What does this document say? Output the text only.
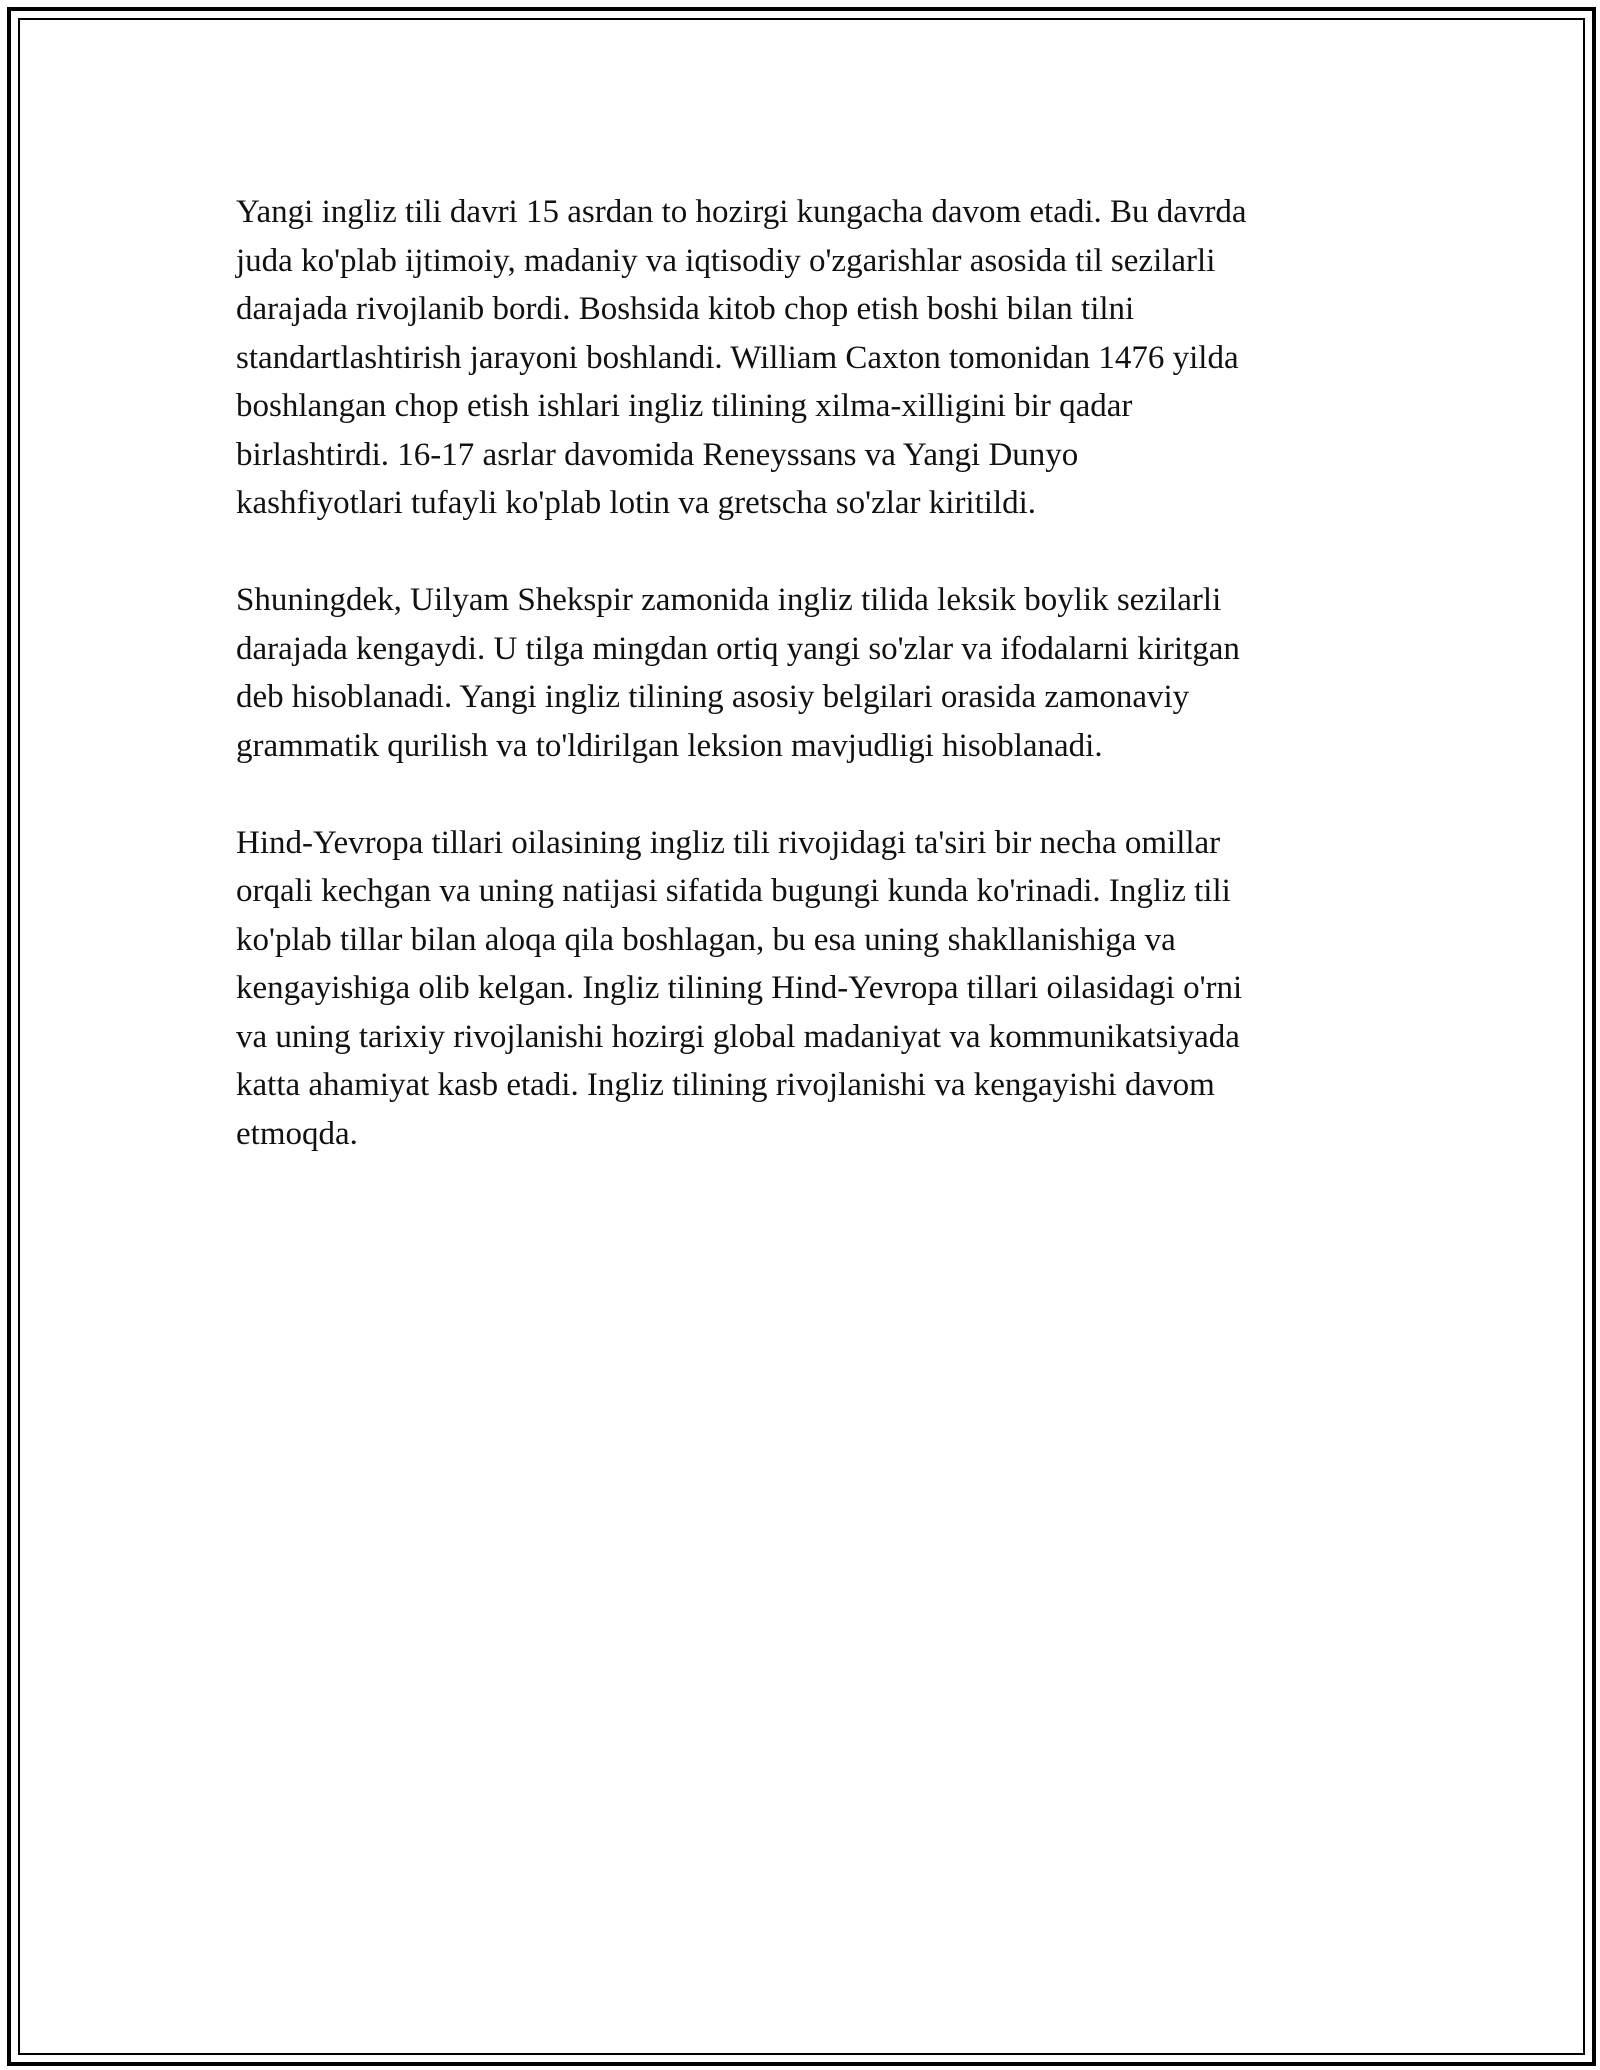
Yangi ingliz tili davri 15 asrdan to hozirgi kungacha davom etadi. Bu davrda
juda ko'plab ijtimoiy, madaniy va iqtisodiy o'zgarishlar asosida til sezilarli
darajada rivojlanib bordi. Boshsida kitob chop etish boshi bilan tilni
standartlashtirish jarayoni boshlandi. William Caxton tomonidan 1476 yilda
boshlangan chop etish ishlari ingliz tilining xilma-xilligini bir qadar
birlashtirdi. 16-17 asrlar davomida Reneyssans va Yangi Dunyo
kashfiyotlari tufayli ko'plab lotin va gretscha so'zlar kiritildi.

Shuningdek, Uilyam Shekspir zamonida ingliz tilida leksik boylik sezilarli
darajada kengaydi. U tilga mingdan ortiq yangi so'zlar va ifodalarni kiritgan
deb hisoblanadi. Yangi ingliz tilining asosiy belgilari orasida zamonaviy
grammatik qurilish va to'ldirilgan leksion mavjudligi hisoblanadi.

Hind-Yevropa tillari oilasining ingliz tili rivojidagi ta'siri bir necha omillar
orqali kechgan va uning natijasi sifatida bugungi kunda ko'rinadi. Ingliz tili
ko'plab tillar bilan aloqa qila boshlagan, bu esa uning shakllanishiga va
kengayishiga olib kelgan. Ingliz tilining Hind-Yevropa tillari oilasidagi o'rni
va uning tarixiy rivojlanishi hozirgi global madaniyat va kommunikatsiyada
katta ahamiyat kasb etadi. Ingliz tilining rivojlanishi va kengayishi davom
etmoqda.
